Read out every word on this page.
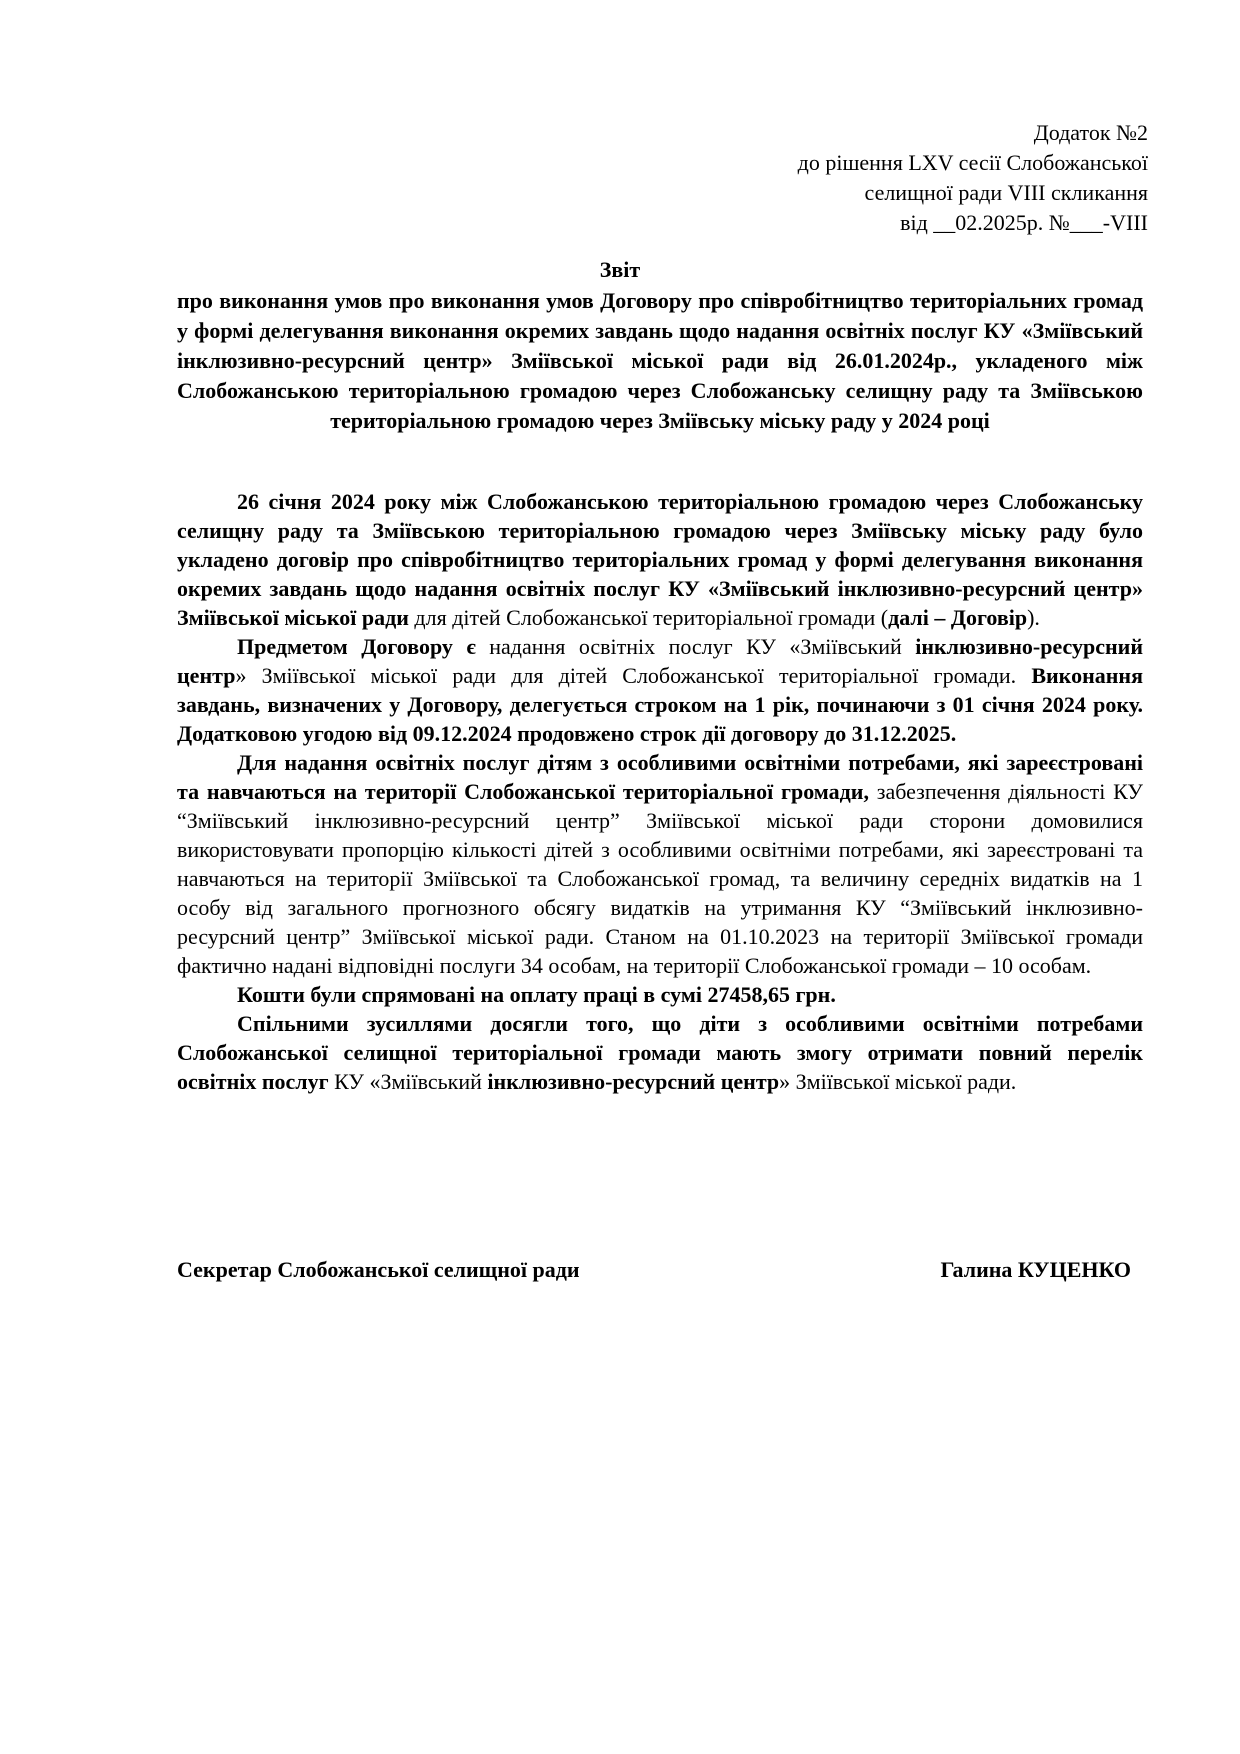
Додаток №2
до рішення LXV сесії Слобожанської
селищної ради VIII скликання
від __02.2025р. №___-VIII
Звіт
про виконання умов про виконання умов Договору про співробітництво територіальних громад у формі делегування виконання окремих завдань щодо надання освітніх послуг КУ «Зміївський інклюзивно-ресурсний центр» Зміївської міської ради від 26.01.2024р., укладеного між Слобожанською територіальною громадою через Слобожанську селищну раду та Зміївською територіальною громадою через Зміївську міську раду у 2024 році

26 січня 2024 року між Слобожанською територіальною громадою через Слобожанську селищну раду та Зміївською територіальною громадою через Зміївську міську раду було укладено договір про співробітництво територіальних громад у формі делегування виконання окремих завдань щодо надання освітніх послуг КУ «Зміївський інклюзивно-ресурсний центр» Зміївської міської ради для дітей Слобожанської територіальної громади (далі – Договір).

Предметом Договору є надання освітніх послуг КУ «Зміївський інклюзивно-ресурсний центр» Зміївської міської ради для дітей Слобожанської територіальної громади. Виконання завдань, визначених у Договору, делегується строком на 1 рік, починаючи з 01 січня 2024 року. Додатковою угодою від 09.12.2024 продовжено строк дії договору до 31.12.2025.

Для надання освітніх послуг дітям з особливими освітніми потребами, які зареєстровані та навчаються на території Слобожанської територіальної громади, забезпечення діяльності КУ “Зміївський інклюзивно-ресурсний центр” Зміївської міської ради сторони домовилися використовувати пропорцію кількості дітей з особливими освітніми потребами, які зареєстровані та навчаються на території Зміївської та Слобожанської громад, та величину середніх видатків на 1 особу від загального прогнозного обсягу видатків на утримання КУ “Зміївський інклюзивно-ресурсний центр” Зміївської міської ради. Станом на 01.10.2023 на території Зміївської громади фактично надані відповідні послуги 34 особам, на території Слобожанської громади – 10 особам.

Кошти були спрямовані на оплату праці в сумі 27458,65 грн.

Спільними зусиллями досягли того, що діти з особливими освітніми потребами Слобожанської селищної територіальної громади мають змогу отримати повний перелік освітніх послуг КУ «Зміївський інклюзивно-ресурсний центр» Зміївської міської ради.

Секретар Слобожанської селищної ради	Галина КУЦЕНКО
